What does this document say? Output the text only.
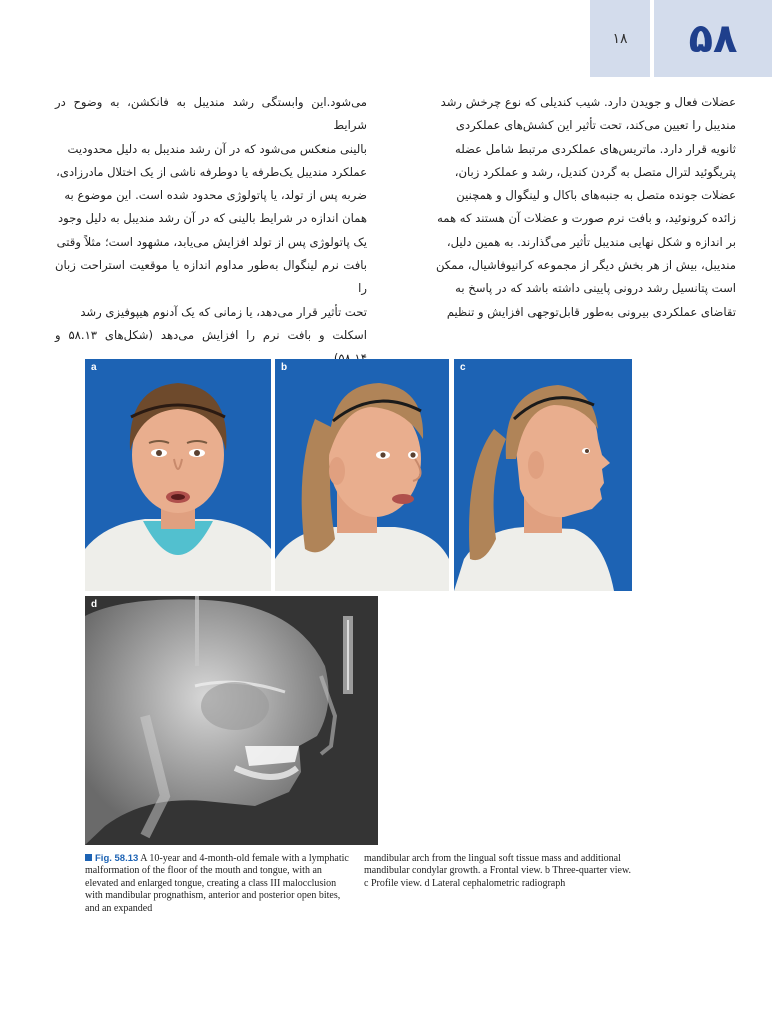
۵۸
۱۸
عضلات فعال و جویدن دارد. شیب کندیلی که نوع چرخش رشد
مندیبل را تعیین می‌کند، تحت تأثیر این کشش‌های عملکردی
ثانویه قرار دارد. ماتریس‌های عملکردی مرتبط شامل عضله
پتریگوئید لترال متصل به گردن کندیل، رشد و عملکرد زبان،
عضلات جونده متصل به جنبه‌های باکال و لینگوال و همچنین
زائده کرونوئید، و بافت نرم صورت و عضلات آن هستند که همه
بر اندازه و شکل نهایی مندیبل تأثیر می‌گذارند. به همین دلیل،
مندیبل، بیش از هر بخش دیگر از مجموعه کرانیوفاشیال، ممکن
است پتانسیل رشد درونی پایینی داشته باشد که در پاسخ به
تقاضای عملکردی بیرونی به‌طور قابل‌توجهی افزایش و تنظیم
می‌شود.این وابستگی رشد مندیبل به فانکشن، به وضوح در شرایط
بالینی منعکس می‌شود که در آن رشد مندیبل به دلیل محدودیت
عملکرد مندیبل یک‌طرفه یا دوطرفه ناشی از یک اختلال مادرزادی،
ضربه پس از تولد، یا پاتولوژی محدود شده است. این موضوع به
همان اندازه در شرایط بالینی که در آن رشد مندیبل به دلیل وجود
یک پاتولوژی پس از تولد افزایش می‌یابد، مشهود است؛ مثلاً وقتی
بافت نرم لینگوال به‌طور مداوم اندازه یا موقعیت استراحت زبان را
تحت تأثیر قرار می‌دهد، یا زمانی که یک آدنوم هیپوفیزی رشد
اسکلت و بافت نرم را افزایش می‌دهد (شکل‌های ۵۸.۱۳ و
a	b	c
d
Fig. 58.13 A 10-year and 4-month-old female with a lymphatic malformation of the floor of the mouth and tongue, with an elevated and enlarged tongue, creating a class III malocclusion with mandibular prognathism, anterior and posterior open bites, and an expanded
mandibular arch from the lingual soft tissue mass and additional mandibular condylar growth. a Frontal view. b Three-quarter view. c Profile view. d Lateral cephalometric radiograph
